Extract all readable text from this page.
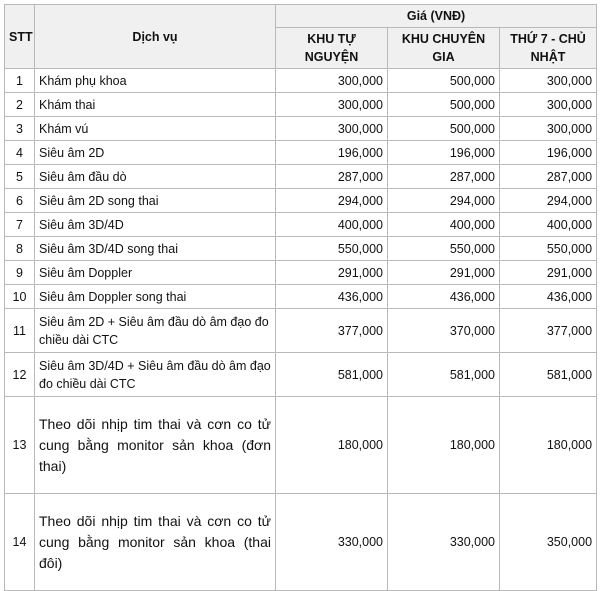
STT	Dịch vụ	Giá (VNĐ)		
		KHU TỰ NGUYỆN	KHU CHUYÊN GIA	THỨ 7 - CHỦ NHẬT
1	Khám phụ khoa	300,000	500,000	300,000
2	Khám thai	300,000	500,000	300,000
3	Khám vú	300,000	500,000	300,000
4	Siêu âm 2D	196,000	196,000	196,000
5	Siêu âm đầu dò	287,000	287,000	287,000
6	Siêu âm 2D song thai	294,000	294,000	294,000
7	Siêu âm 3D/4D	400,000	400,000	400,000
8	Siêu âm 3D/4D song thai	550,000	550,000	550,000
9	Siêu âm Doppler	291,000	291,000	291,000
10	Siêu âm Doppler song thai	436,000	436,000	436,000
11	Siêu âm 2D + Siêu âm đầu dò âm đạo đo chiều dài CTC	377,000	370,000	377,000
12	Siêu âm 3D/4D + Siêu âm đầu dò âm đạo đo chiều dài CTC	581,000	581,000	581,000
13	Theo dõi nhịp tim thai và cơn co tử cung bằng monitor sản khoa (đơn thai)	180,000	180,000	180,000
14	Theo dõi nhịp tim thai và cơn co tử cung bằng monitor sản khoa (thai đôi)	330,000	330,000	350,000
